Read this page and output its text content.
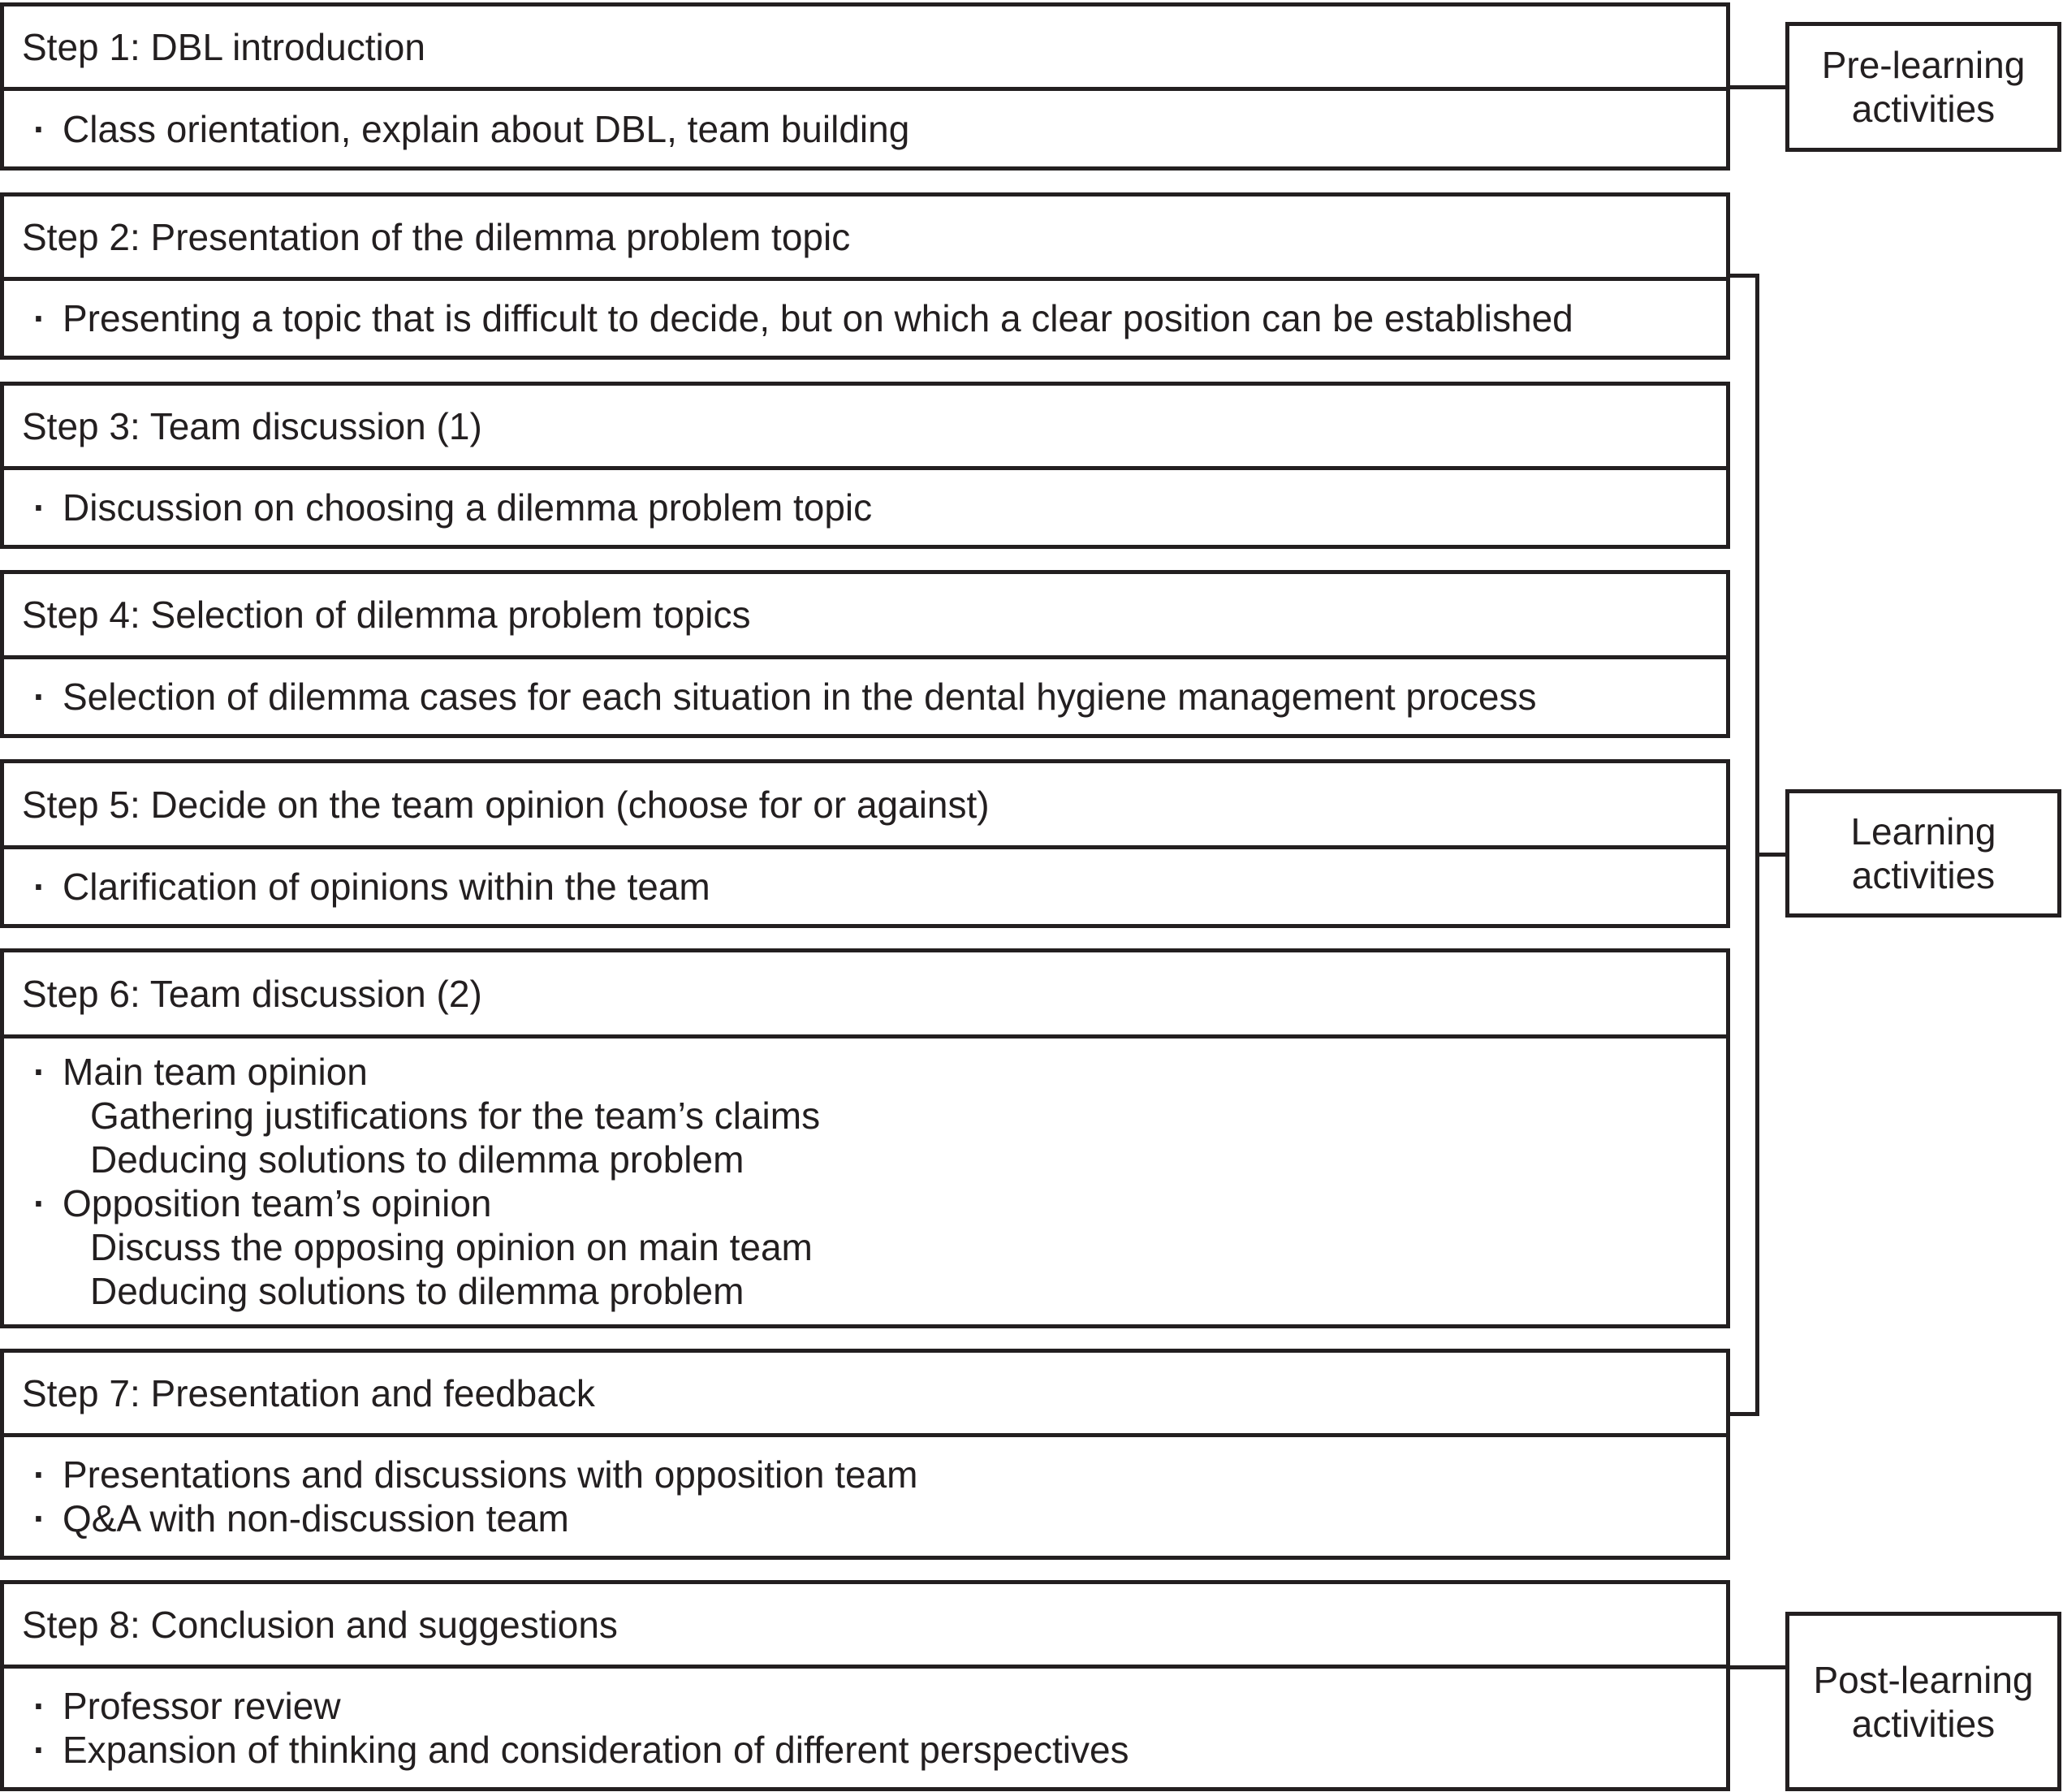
Step 1: DBL introduction
· Class orientation, explain about DBL, team building
Step 2: Presentation of the dilemma problem topic
· Presenting a topic that is difficult to decide, but on which a clear position can be established
Step 3: Team discussion (1)
· Discussion on choosing a dilemma problem topic
Step 4: Selection of dilemma problem topics
· Selection of dilemma cases for each situation in the dental hygiene management process
Step 5: Decide on the team opinion (choose for or against)
· Clarification of opinions within the team
Step 6: Team discussion (2)
· Main team opinion
Gathering justifications for the team’s claims
Deducing solutions to dilemma problem
· Opposition team’s opinion
Discuss the opposing opinion on main team
Deducing solutions to dilemma problem
Step 7: Presentation and feedback
· Presentations and discussions with opposition team
· Q&A with non-discussion team
Step 8: Conclusion and suggestions
· Professor review
· Expansion of thinking and consideration of different perspectives
Pre-learning
activities
Learning
activities
Post-learning
activities
